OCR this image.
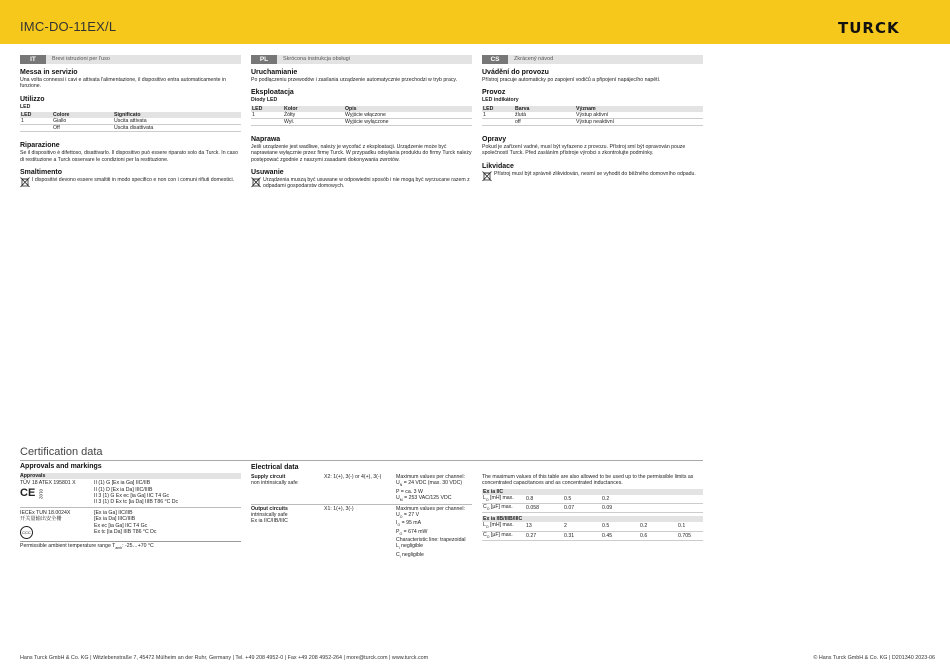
IMC-DO-11EX/L	TURCK
IT	Brevi istruzioni per l'uso
Messa in servizio

Una volta connessi i cavi e attivata l'alimentazione, il dispositivo entra automaticamente in funzione.

Utilizzo
LED
LED	Colore	Significato
1	Giallo	Uscita attivata
	Off	Uscita disattivata
Riparazione

Se il dispositivo è difettoso, disattivarlo. Il dispositivo può essere riparato solo da Turck. In caso di restituzione a Turck osservare le condizioni per la restituzione.

Smaltimento

I dispositivi devono essere smaltiti in modo specifico e non con i comuni rifiuti domestici.

PL	Skrócona instrukcja obsługi
Uruchamianie

Po podłączeniu przewodów i zasilania urządzenie automatycznie przechodzi w tryb pracy.

Eksploatacja
Diody LED
LED	Kolor	Opis
1	Żółty	Wyjście włączone
	Wył.	Wyjście wyłączone
Naprawa

Jeśli urządzenie jest wadliwe, należy je wycofać z eksploatacji. Urządzenie może być naprawiane wyłącznie przez firmę Turck. W przypadku odsyłania produktu do firmy Turck należy postępować zgodnie z naszymi zasadami dokonywania zwrotów.

Usuwanie

Urządzenia muszą być usuwane w odpowiedni sposób i nie mogą być wyrzucane razem z odpadami gospodarstw domowych.

CS	Zkrácený návod
Uvádění do provozu

Přístroj pracuje automaticky po zapojení vodičů a připojení napájecího napětí.

Provoz
LED indikátory
LED	Barva	Význam
1	žlutá	Výstup aktivní
	off	Výstup neaktivní
Opravy

Pokud je zařízení vadné, musí být vyřazeno z provozu. Přístroj smí být opravován pouze společností Turck. Před zasláním přístroje výrobci s zkontrolujte podmínky.

Likvidace

Přístroj musí být správně zlikvidován, nesmí se vyhodit do běžného domovního odpadu.

Certification data
Approvals and markings
Approvals
TÜV 18 ATEX 195801 X
CE 0102
II (1) G [Ex ia Ga] IIC/IIB
II (1) D [Ex ia Da] IIIC/IIIB
II 3 (1) G Ex ec [ia Ga] IIC T4 Gc
II 3 (1) D Ex tc [ia Da] IIIB T86 °C Dc
IECEx TUN 18.0024X
开关量输出安全栅
CCC
[Ex ia Ga] IIC/IIB
[Ex ia Da] IIIC/IIIB
Ex ec [ia Ga] IIC T4 Gc
Ex tc [ia Da] IIIB T86 °C Dc
Permissible ambient temperature range $T_{amb}$: -25…+70 °C
Electrical data
Supply circuit
non intrinsically safe
X2: 1(+), 3(-) or 4(+), 3(-)	Maximum values per channel:
$U_N = 24$ VDC (max. 30 VDC)
P = ca. 3 W
$U_M = 253$ VAC/125 VDC
Output circuits
intrinsically safe
Ex ia IIC/IIB/IIIC
X1: 1(+), 3(-)	Maximum values per channel:
$U_O = 27$ V
$I_O = 95$ mA
$P_O = 674$ mW
Characteristic line: trapezoidal
$L_i$ negligible
$C_i$ negligible

The maximum values of this table are also allowed to be used up to the permissible limits as concentrated capacitances and as concentrated inductances.

Ex ia IIC					
$L_O$ [mH] max.	0.8	0.5	0.2		
$C_O$ [µF] max.	0.058	0.07	0.09		
Ex ia IIB/IIIB/IIIC					
$L_O$ [mH] max.	13	2	0.5	0.2	0.1
$C_O$ [µF] max.	0.27	0.31	0.45	0.6	0.705
Hans Turck GmbH & Co. KG | Witzlebenstraße 7, 45472 Mülheim an der Ruhr, Germany | Tel. +49 208 4952-0 | Fax +49 208 4952-264 | more@turck.com | www.turck.com	© Hans Turck GmbH & Co. KG | D201340 2023-06
